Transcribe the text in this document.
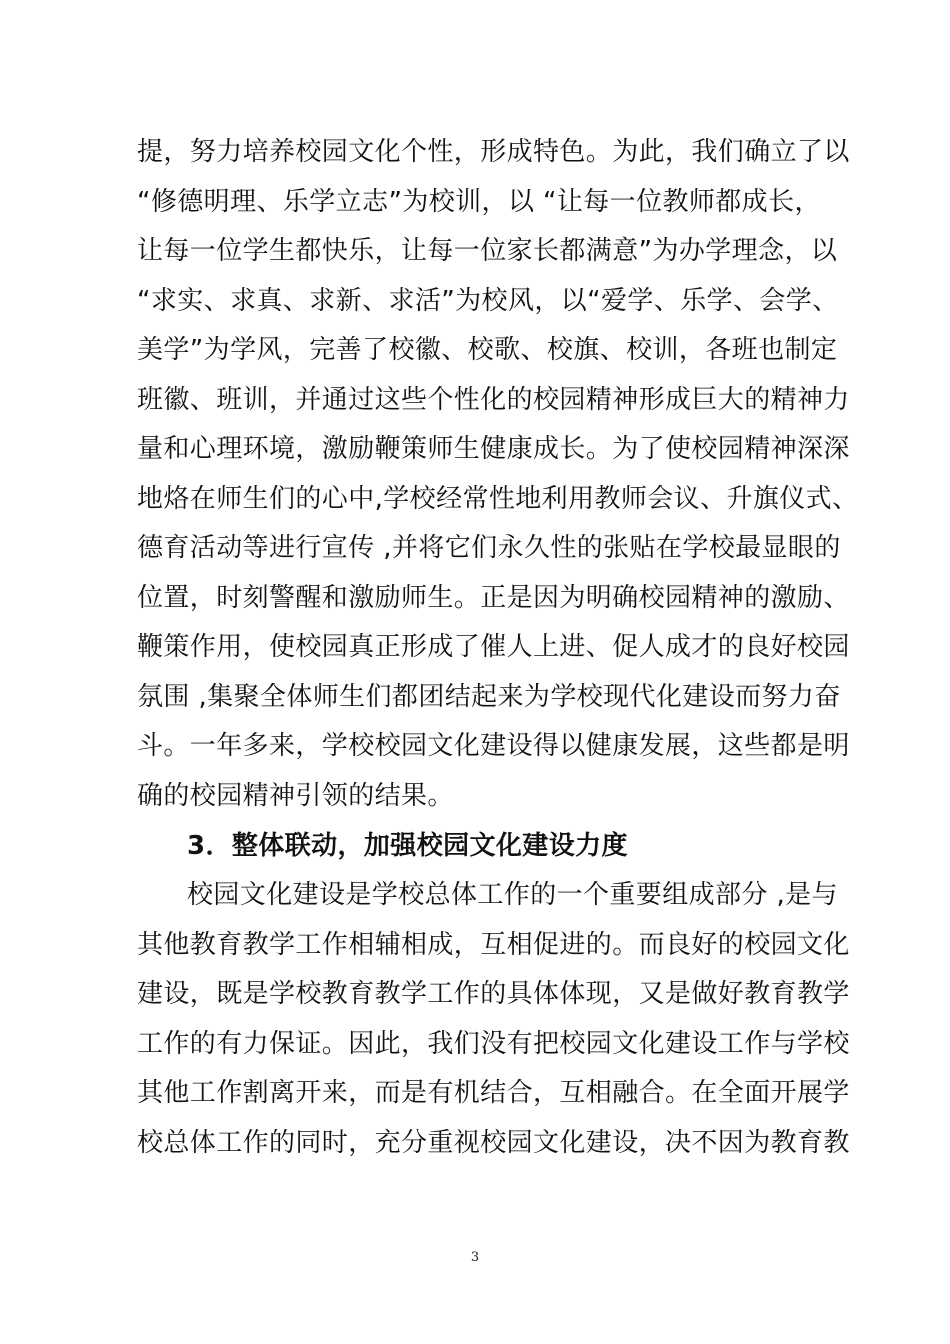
提，努力培养校园文化个性，形成特色。为此，我们确立了以
“修德明理、乐学立志”为校训，以 “让每一位教师都成长，
让每一位学生都快乐，让每一位家长都满意”为办学理念，以
“求实、求真、求新、求活”为校风，以“爱学、乐学、会学、
美学”为学风，完善了校徽、校歌、校旗、校训，各班也制定
班徽、班训，并通过这些个性化的校园精神形成巨大的精神力
量和心理环境，激励鞭策师生健康成长。为了使校园精神深深
地烙在师生们的心中,学校经常性地利用教师会议、升旗仪式、
德育活动等进行宣传 ,并将它们永久性的张贴在学校最显眼的
位置，时刻警醒和激励师生。正是因为明确校园精神的激励、
鞭策作用，使校园真正形成了催人上进、促人成才的良好校园
氛围 ,集聚全体师生们都团结起来为学校现代化建设而努力奋
斗。一年多来，学校校园文化建设得以健康发展，这些都是明
确的校园精神引领的结果。
3．整体联动，加强校园文化建设力度
校园文化建设是学校总体工作的一个重要组成部分 ,是与
其他教育教学工作相辅相成，互相促进的。而良好的校园文化
建设，既是学校教育教学工作的具体体现，又是做好教育教学
工作的有力保证。因此，我们没有把校园文化建设工作与学校
其他工作割离开来，而是有机结合，互相融合。在全面开展学
校总体工作的同时，充分重视校园文化建设，决不因为教育教
3
